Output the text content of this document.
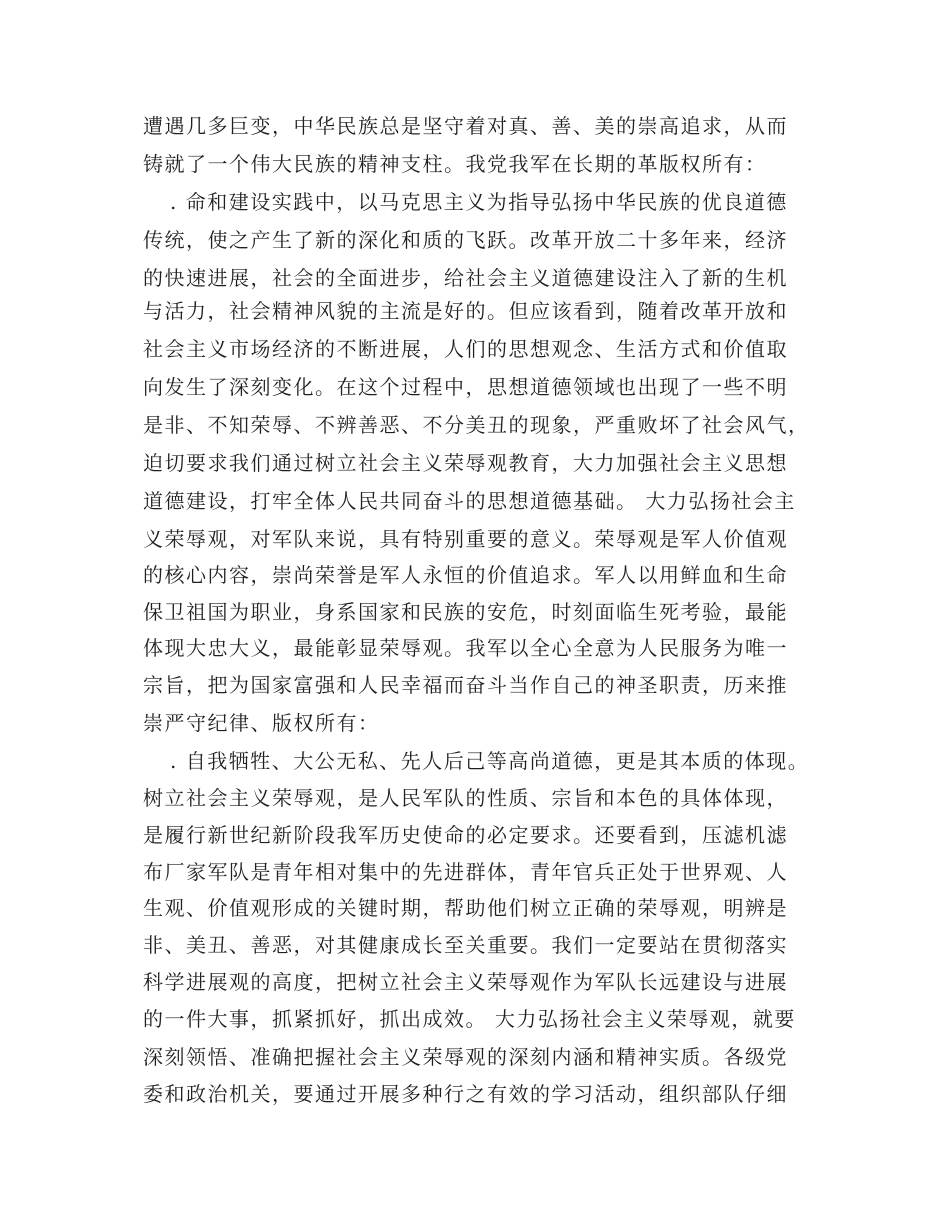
遭遇几多巨变，中华民族总是坚守着对真、善、美的崇高追求，从而
铸就了一个伟大民族的精神支柱。我党我军在长期的革版权所有：
. 命和建设实践中，以马克思主义为指导弘扬中华民族的优良道德
传统，使之产生了新的深化和质的飞跃。改革开放二十多年来，经济
的快速进展，社会的全面进步，给社会主义道德建设注入了新的生机
与活力，社会精神风貌的主流是好的。但应该看到，随着改革开放和
社会主义市场经济的不断进展，人们的思想观念、生活方式和价值取
向发生了深刻变化。在这个过程中，思想道德领域也出现了一些不明
是非、不知荣辱、不辨善恶、不分美丑的现象，严重败坏了社会风气，
迫切要求我们通过树立社会主义荣辱观教育，大力加强社会主义思想
道德建设，打牢全体人民共同奋斗的思想道德基础。 大力弘扬社会主
义荣辱观，对军队来说，具有特别重要的意义。荣辱观是军人价值观
的核心内容，崇尚荣誉是军人永恒的价值追求。军人以用鲜血和生命
保卫祖国为职业，身系国家和民族的安危，时刻面临生死考验，最能
体现大忠大义，最能彰显荣辱观。我军以全心全意为人民服务为唯一
宗旨，把为国家富强和人民幸福而奋斗当作自己的神圣职责，历来推
崇严守纪律、版权所有：
. 自我牺牲、大公无私、先人后己等高尚道德，更是其本质的体现。
树立社会主义荣辱观，是人民军队的性质、宗旨和本色的具体体现，
是履行新世纪新阶段我军历史使命的必定要求。还要看到，压滤机滤
布厂家军队是青年相对集中的先进群体，青年官兵正处于世界观、人
生观、价值观形成的关键时期，帮助他们树立正确的荣辱观，明辨是
非、美丑、善恶，对其健康成长至关重要。我们一定要站在贯彻落实
科学进展观的高度，把树立社会主义荣辱观作为军队长远建设与进展
的一件大事，抓紧抓好，抓出成效。 大力弘扬社会主义荣辱观，就要
深刻领悟、准确把握社会主义荣辱观的深刻内涵和精神实质。各级党
委和政治机关，要通过开展多种行之有效的学习活动，组织部队仔细
